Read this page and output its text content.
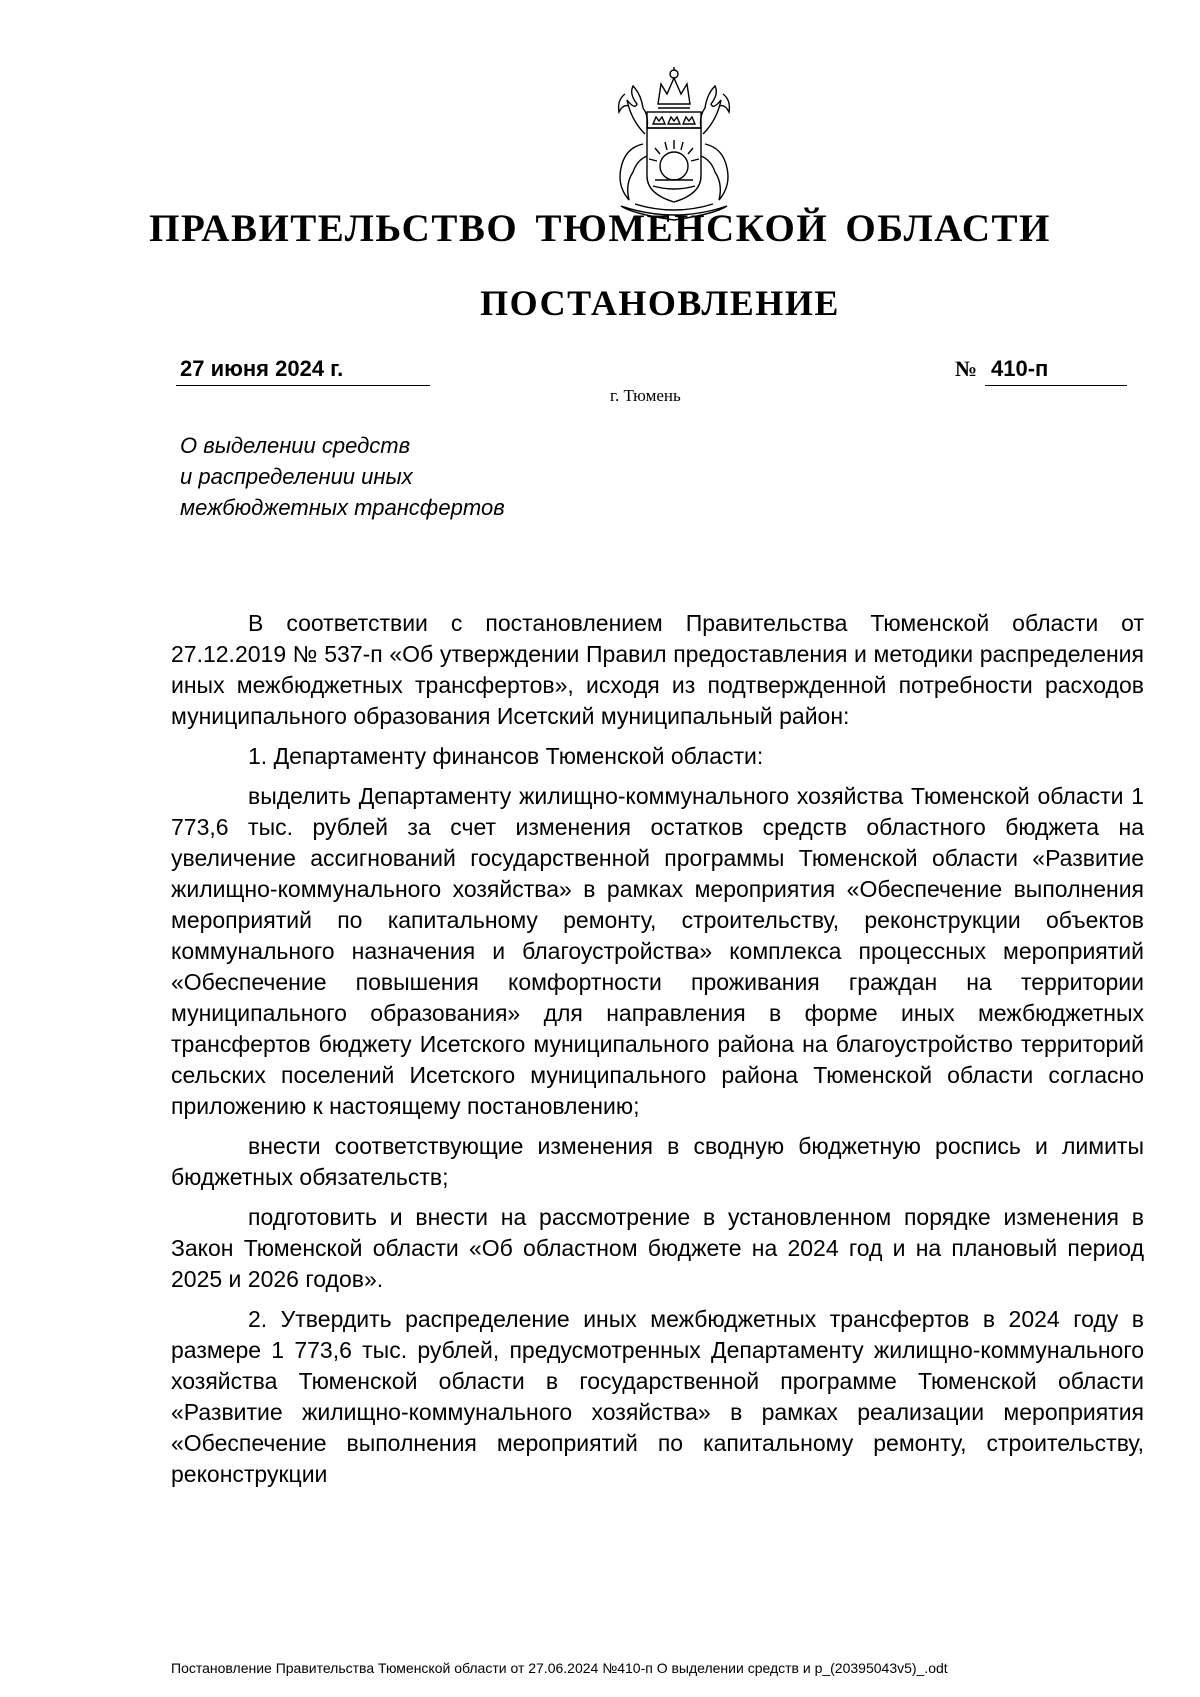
ПРАВИТЕЛЬСТВО ТЮМЕНСКОЙ ОБЛАСТИ
ПОСТАНОВЛЕНИЕ
27 июня 2024 г.	№ 410-п
г. Тюмень
О выделении средств
и распределении иных
межбюджетных трансфертов

В соответствии с постановлением Правительства Тюменской области от 27.12.2019 № 537-п «Об утверждении Правил предоставления и методики распределения иных межбюджетных трансфертов», исходя из подтвержденной потребности расходов муниципального образования Исетский муниципальный район:

1. Департаменту финансов Тюменской области:

выделить Департаменту жилищно-коммунального хозяйства Тюменской области 1 773,6 тыс. рублей за счет изменения остатков средств областного бюджета на увеличение ассигнований государственной программы Тюменской области «Развитие жилищно-коммунального хозяйства» в рамках мероприятия «Обеспечение выполнения мероприятий по капитальному ремонту, строительству, реконструкции объектов коммунального назначения и благоустройства» комплекса процессных мероприятий «Обеспечение повышения комфортности проживания граждан на территории муниципального образования» для направления в форме иных межбюджетных трансфертов бюджету Исетского муниципального района на благоустройство территорий сельских поселений Исетского муниципального района Тюменской области согласно приложению к настоящему постановлению;

внести соответствующие изменения в сводную бюджетную роспись и лимиты бюджетных обязательств;

подготовить и внести на рассмотрение в установленном порядке изменения в Закон Тюменской области «Об областном бюджете на 2024 год и на плановый период 2025 и 2026 годов».

2. Утвердить распределение иных межбюджетных трансфертов в 2024 году в размере 1 773,6 тыс. рублей, предусмотренных Департаменту жилищно-коммунального хозяйства Тюменской области в государственной программе Тюменской области «Развитие жилищно-коммунального хозяйства» в рамках реализации мероприятия «Обеспечение выполнения мероприятий по капитальному ремонту, строительству, реконструкции

Постановление Правительства Тюменской области от 27.06.2024 №410-п О выделении средств и р_(20395043v5)_.odt
